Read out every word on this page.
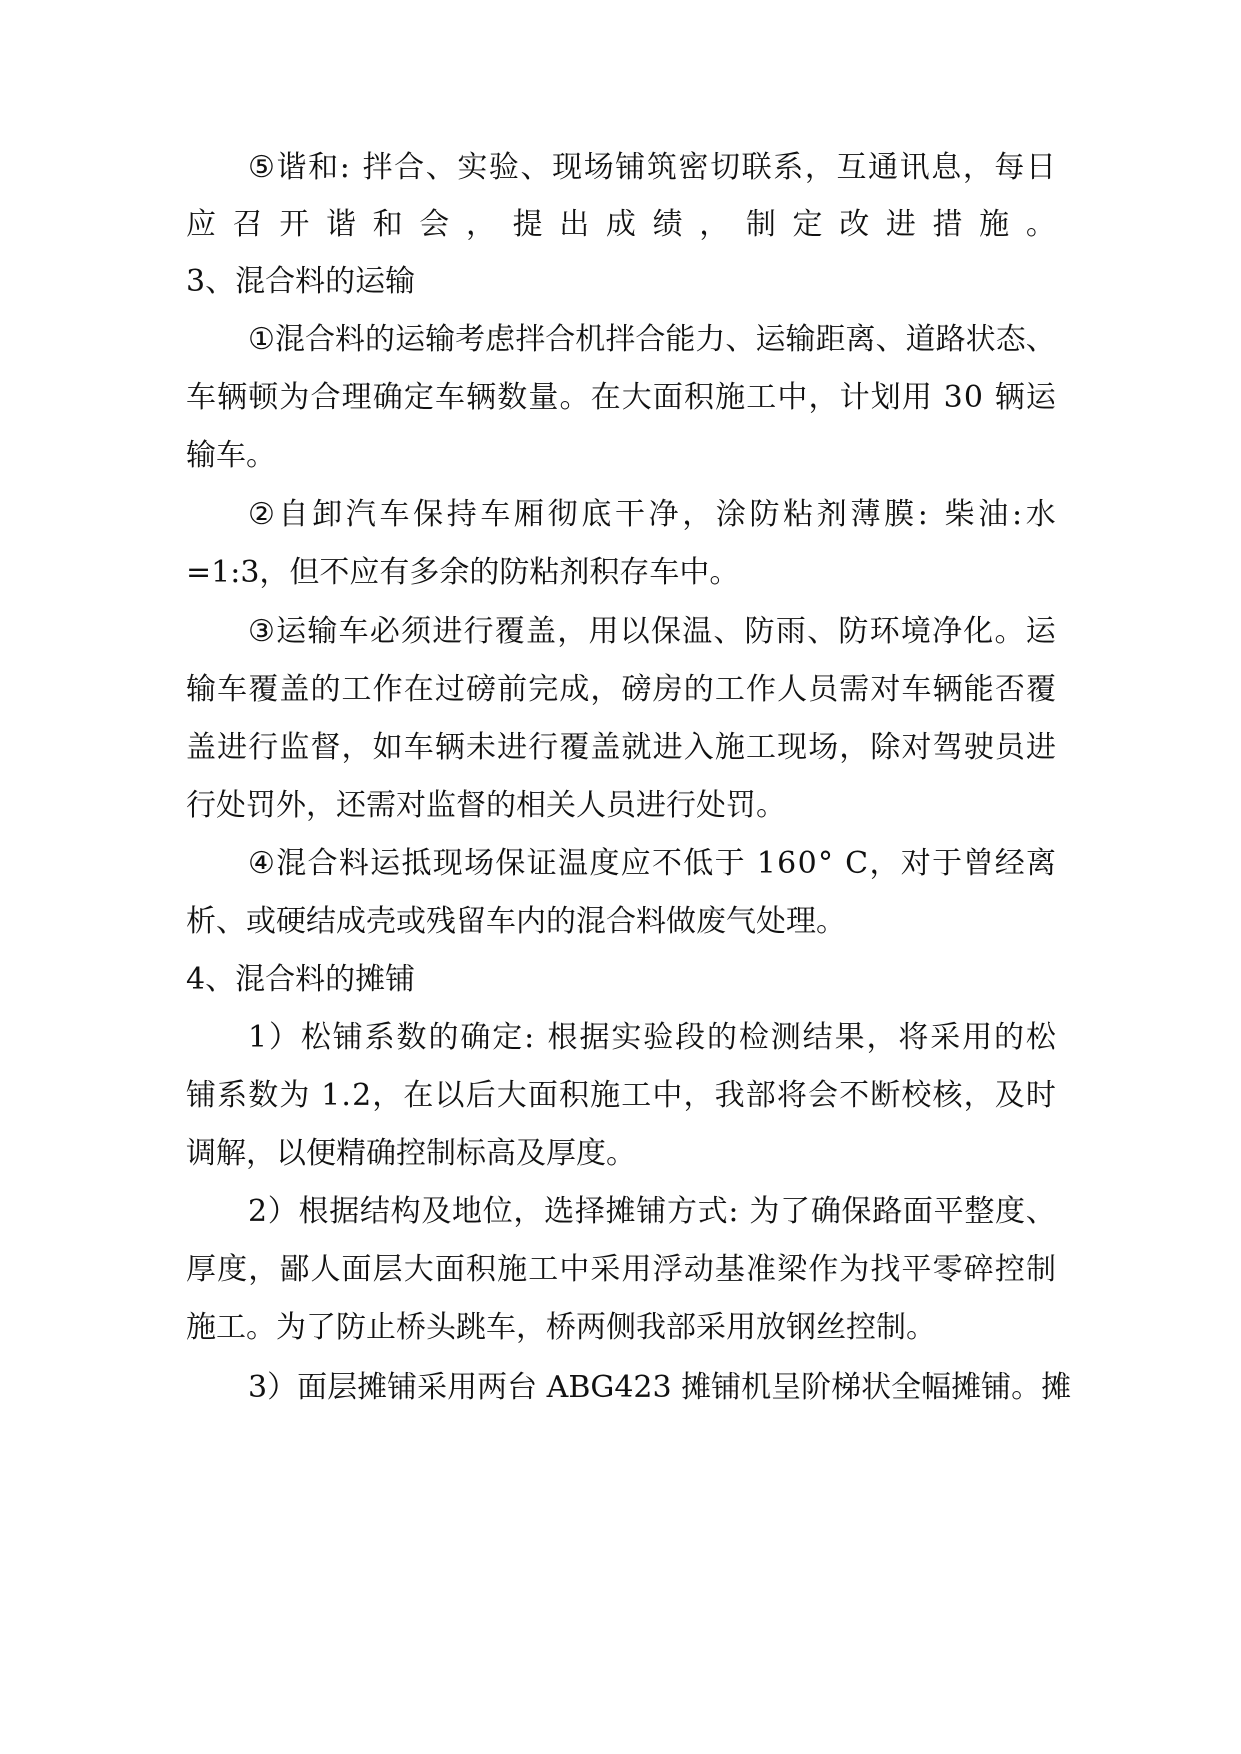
⑤ 谐 和 :
拌 合 、 实 验 、 现 场 铺 筑 密 切 联 系 ， 互 通 讯 息 ， 每 日
应 召 开 谐 和 会 ， 提 出 成 绩 ， 制 定 改 进 措 施 。
3、混合料的运输
① 混 合 料 的 运 输 考 虑 拌 合 机 拌 合 能 力 、 运 输 距 离 、 道 路 状 态 、
车 辆 顿 为 合 理 确 定 车 辆 数 量 。 在 大 面 积 施 工 中 ， 计 划 用
3 0
辆 运
输车。
② 自 卸 汽 车 保 持 车 厢 彻 底 干 净 ， 涂 防 粘 剂 薄 膜 :
柴 油 : 水
=1:3，但不应有多余的防粘剂积存车中。
③ 运 输 车 必 须 进 行 覆 盖 ， 用 以 保 温 、 防 雨 、 防 环 境 净 化 。 运
输 车 覆 盖 的 工 作 在 过 磅 前 完 成 ， 磅 房 的 工 作 人 员 需 对 车 辆 能 否 覆
盖 进 行 监 督 ， 如 车 辆 未 进 行 覆 盖 就 进 入 施 工 现 场 ， 除 对 驾 驶 员 进
行处罚外，还需对监督的相关人员进行处罚。
④ 混 合 料 运 抵 现 场 保 证 温 度 应 不 低 于
1 6 0 °
C ， 对 于 曾 经 离
析、或硬结成壳或残留车内的混合料做废气处理。
4、混合料的摊铺
1 ） 松 铺 系 数 的 确 定 :
根 据 实 验 段 的 检 测 结 果 ， 将 采 用 的 松
铺 系 数 为
1 . 2 ， 在 以 后 大 面 积 施 工 中 ， 我 部 将 会 不 断 校 核 ， 及 时
调解，以便精确控制标高及厚度。
2 ） 根 据 结 构 及 地 位 ， 选 择 摊 铺 方 式 :
为 了 确 保 路 面 平 整 度 、
厚 度 ， 鄙 人 面 层 大 面 积 施 工 中 采 用 浮 动 基 准 梁 作 为 找 平 零 碎 控 制
施工。为了防止桥头跳车，桥两侧我部采用放钢丝控制。
3 ） 面 层 摊 铺 采 用 两 台
A B G 4 2 3
摊 铺 机 呈 阶 梯 状 全 幅 摊 铺 。 摊
